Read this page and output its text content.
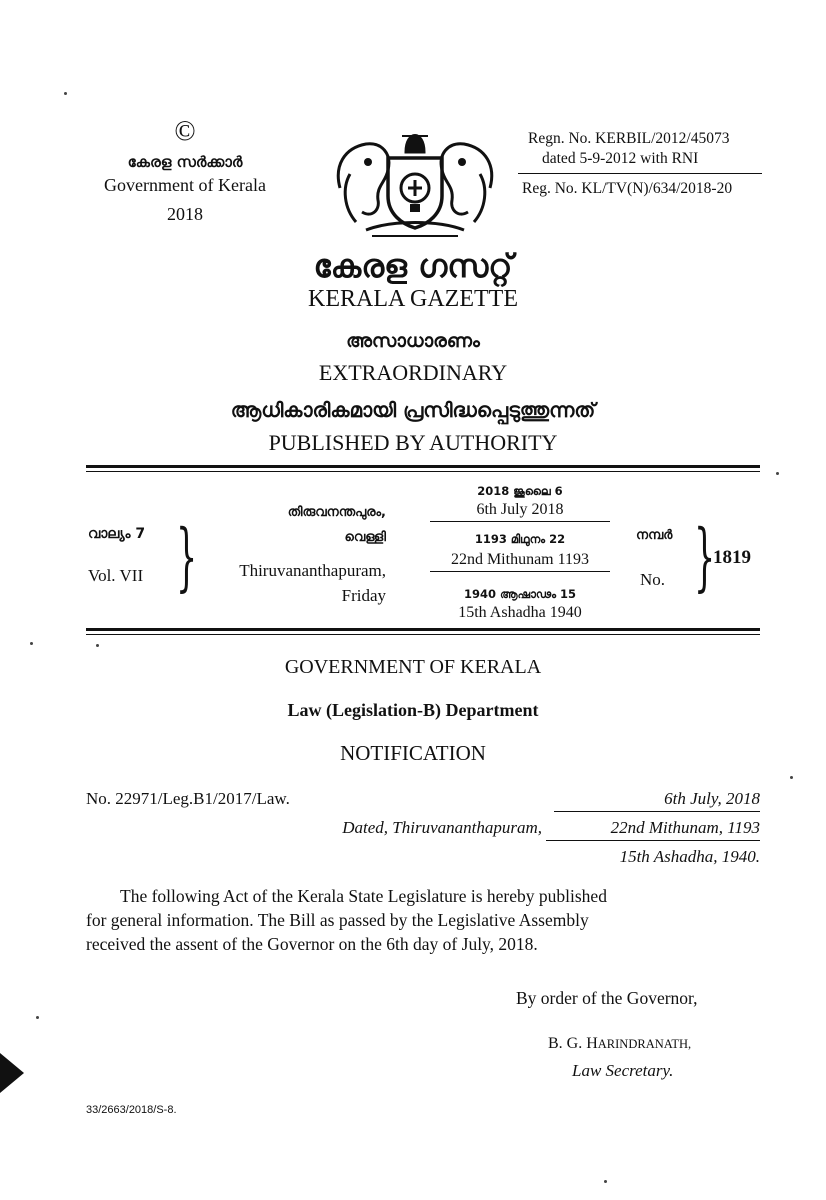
©
കേരള സർക്കാർ
Government of Kerala
2018
Regn. No. KERBIL/2012/45073
dated 5-9-2012 with RNI
Reg. No. KL/TV(N)/634/2018-20
കേരള ഗസറ്റ്
KERALA GAZETTE
അസാധാരണം
EXTRAORDINARY
ആധികാരികമായി പ്രസിദ്ധപ്പെടുത്തുന്നത്
PUBLISHED BY AUTHORITY
വാല്യം 7
Vol. VII }
തിരുവനന്തപുരം,
വെള്ളി
Thiruvananthapuram,
Friday
2018 ജൂലൈ 6
6th July 2018
1193 മിഥുനം 22
22nd Mithunam 1193
1940 ആഷാഢം 15
15th Ashadha 1940
നമ്പർ
No. }
1819
GOVERNMENT OF KERALA
Law (Legislation-B) Department
NOTIFICATION
No. 22971/Leg.B1/2017/Law.	6th July, 2018
Dated, Thiruvananthapuram,	22nd Mithunam, 1193
15th Ashadha, 1940.
The following Act of the Kerala State Legislature is hereby published
for general information. The Bill as passed by the Legislative Assembly
received the assent of the Governor on the 6th day of July, 2018.
By order of the Governor,
B. G. HARINDRANATH,
Law Secretary.
33/2663/2018/S-8.
